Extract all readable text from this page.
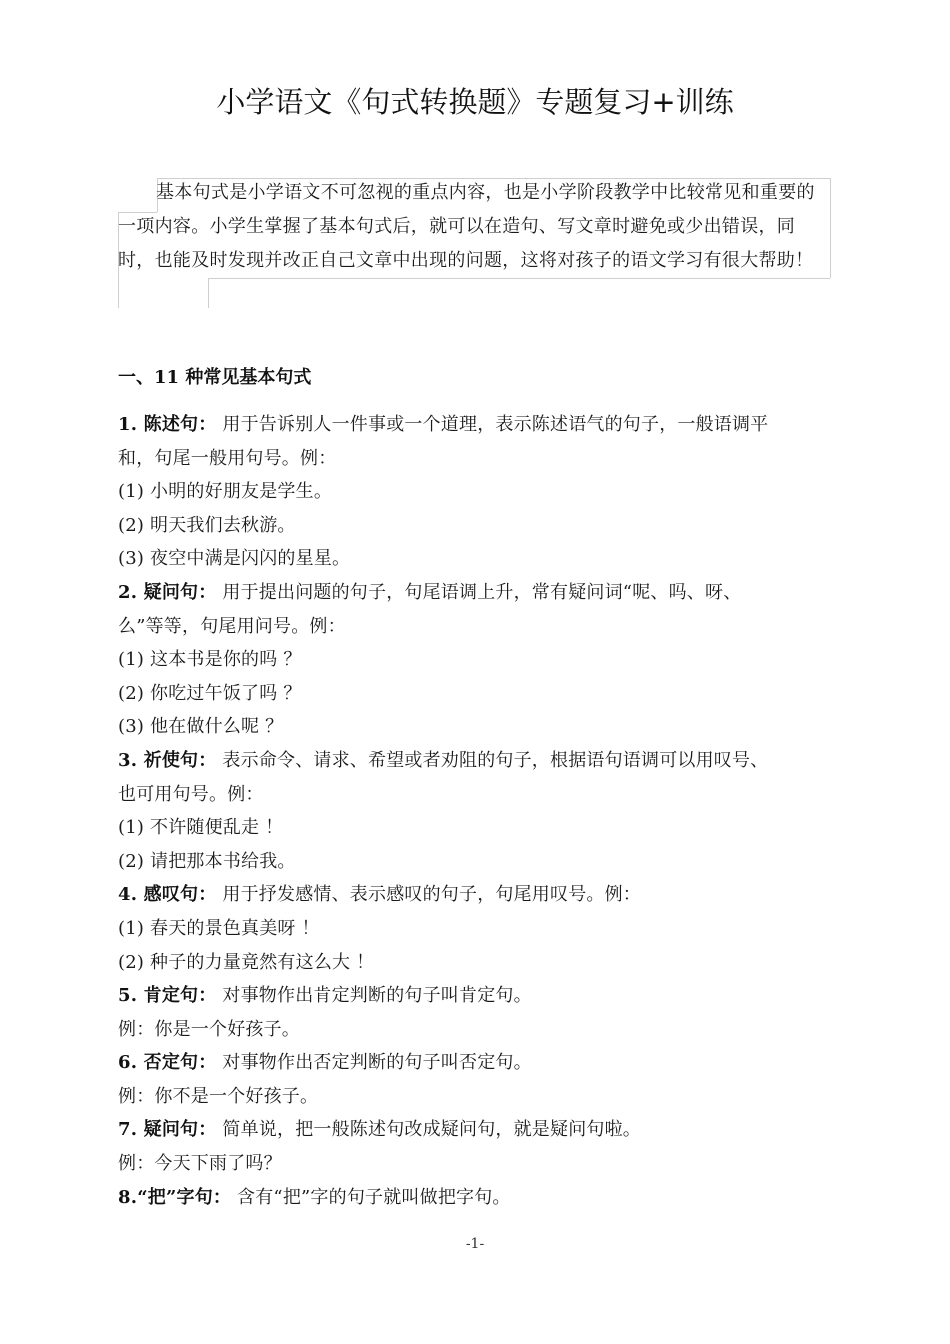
小学语文《句式转换题》专题复习+训练
基本句式是小学语文不可忽视的重点内容，也是小学阶段教学中比较常见和重要的一项内容。小学生掌握了基本句式后，就可以在造句、写文章时避免或少出错误，同时，也能及时发现并改正自己文章中出现的问题，这将对孩子的语文学习有很大帮助！
一、11 种常见基本句式
1. 陈述句： 用于告诉别人一件事或一个道理，表示陈述语气的句子，一般语调平
和，句尾一般用句号。例：
(1) 小明的好朋友是学生。
(2) 明天我们去秋游。
(3) 夜空中满是闪闪的星星。
2. 疑问句： 用于提出问题的句子，句尾语调上升，常有疑问词“呢、吗、呀、
么”等等，句尾用问号。例：
(1) 这本书是你的吗 ？
(2) 你吃过午饭了吗 ？
(3) 他在做什么呢 ？
3. 祈使句： 表示命令、请求、希望或者劝阻的句子，根据语句语调可以用叹号、
也可用句号。例：
(1) 不许随便乱走 ！
(2) 请把那本书给我。
4. 感叹句： 用于抒发感情、表示感叹的句子，句尾用叹号。例：
(1) 春天的景色真美呀 ！
(2) 种子的力量竟然有这么大 ！
5. 肯定句： 对事物作出肯定判断的句子叫肯定句。
例：你是一个好孩子。
6. 否定句： 对事物作出否定判断的句子叫否定句。
例：你不是一个好孩子。
7. 疑问句： 简单说，把一般陈述句改成疑问句，就是疑问句啦。
例：今天下雨了吗？
8.“把”字句： 含有“把”字的句子就叫做把字句。
-1-
